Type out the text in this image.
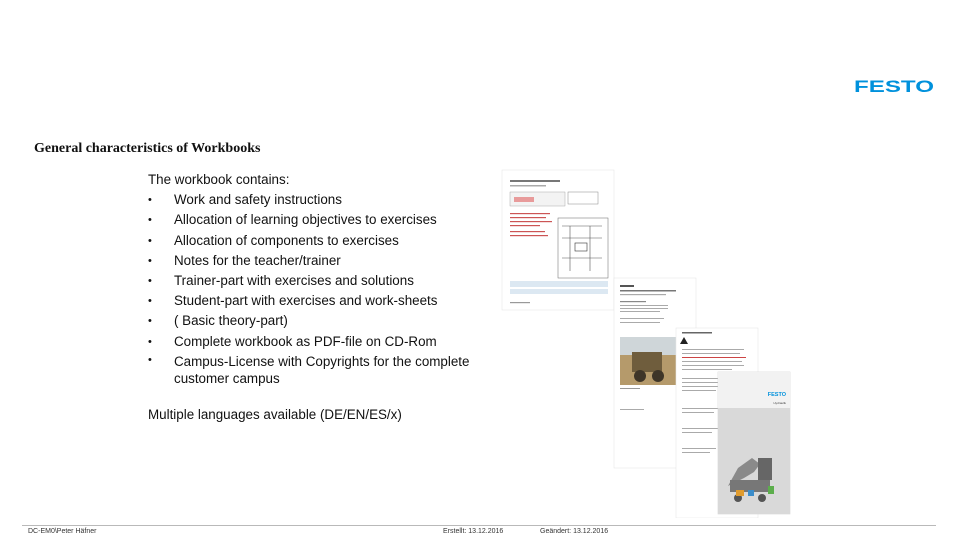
FESTO
General characteristics of Workbooks

The workbook contains:

• Work and safety instructions
• Allocation of learning objectives to exercises
• Allocation of components to exercises
• Notes for the teacher/trainer
• Trainer-part with exercises and solutions
• Student-part with exercises and work-sheets
• ( Basic theory-part)
• Complete workbook as PDF-file on CD-Rom
• Campus-License with Copyrights for the complete customer campus
Multiple languages available (DE/EN/ES/x)
FESTO
Hydraulik
DC-EM0\Peter Häfner	Erstellt: 13.12.2016	Geändert: 13.12.2016
